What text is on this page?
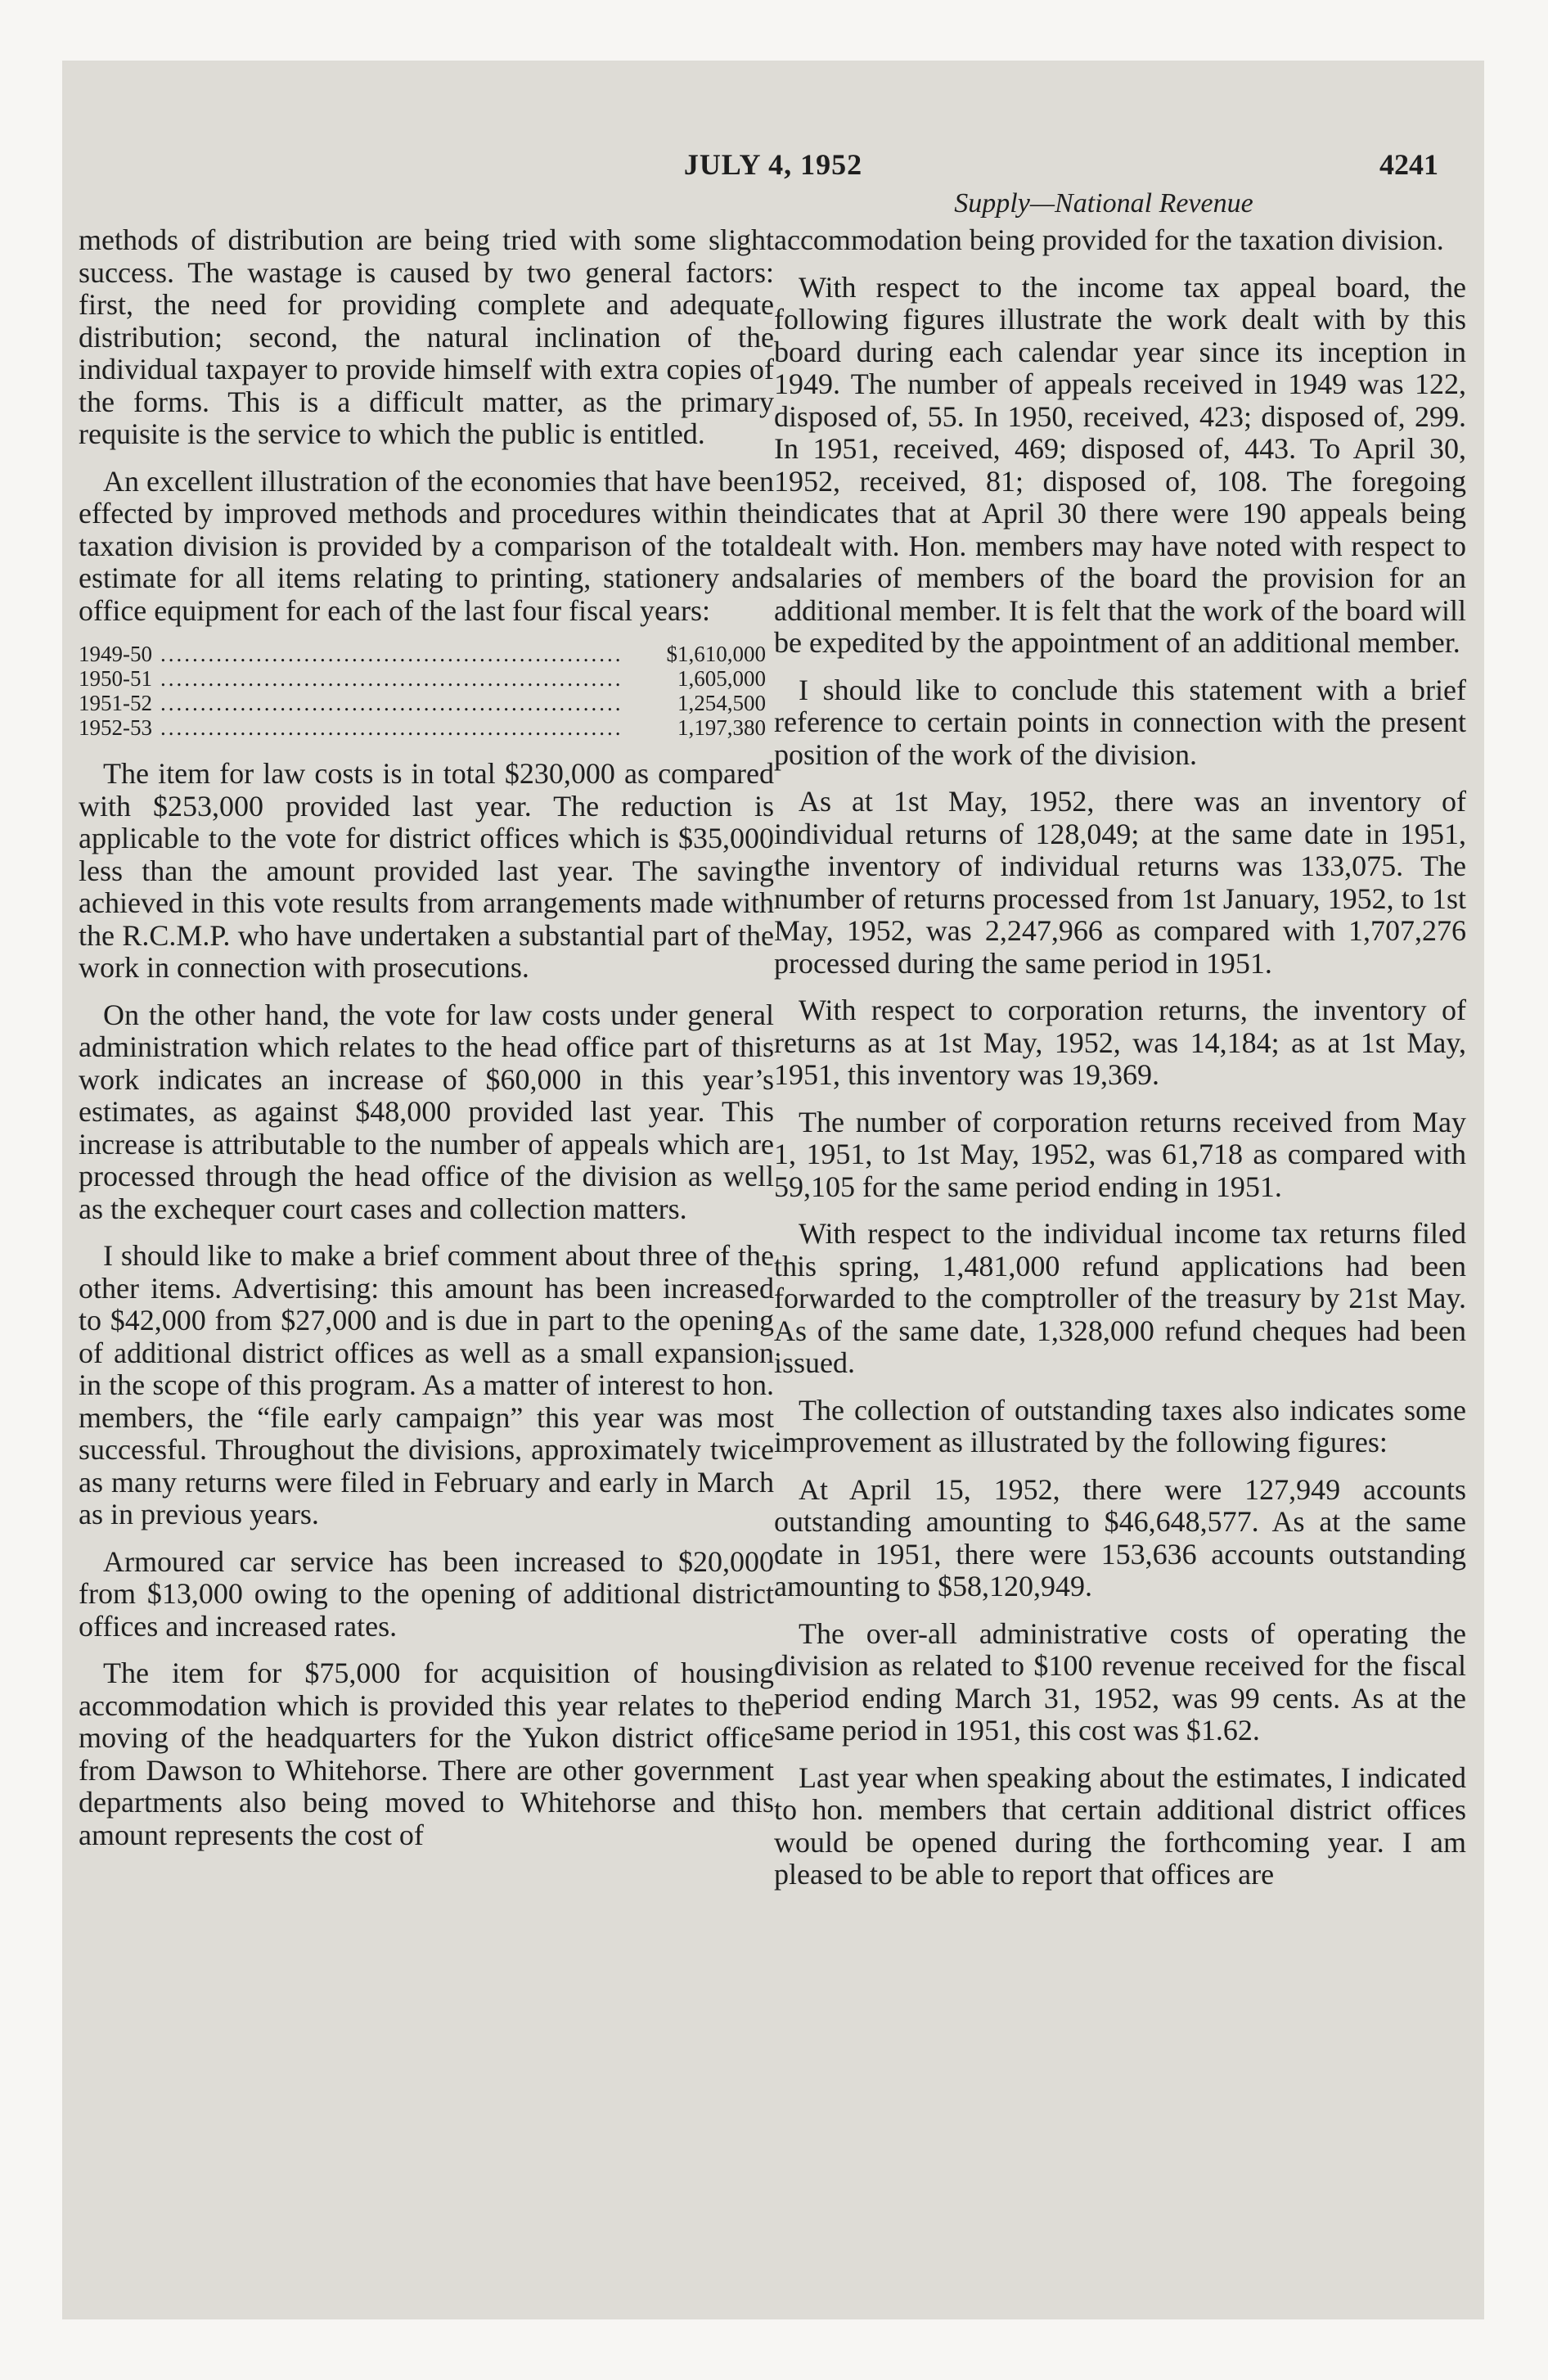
JULY 4, 1952	4241
Supply—National Revenue

methods of distribution are being tried with some slight success. The wastage is caused by two general factors: first, the need for providing complete and adequate distribution; second, the natural inclination of the individual taxpayer to provide himself with extra copies of the forms. This is a difficult matter, as the primary requisite is the service to which the public is entitled.

An excellent illustration of the economies that have been effected by improved methods and procedures within the taxation division is provided by a comparison of the total estimate for all items relating to printing, stationery and office equipment for each of the last four fiscal years:

1949-50 ..........................................................	$1,610,000
1950-51 ..........................................................	1,605,000
1951-52 ..........................................................	1,254,500
1952-53 ..........................................................	1,197,380

The item for law costs is in total $230,000 as compared with $253,000 provided last year. The reduction is applicable to the vote for district offices which is $35,000 less than the amount provided last year. The saving achieved in this vote results from arrangements made with the R.C.M.P. who have undertaken a substantial part of the work in connection with prosecutions.

On the other hand, the vote for law costs under general administration which relates to the head office part of this work indicates an increase of $60,000 in this year’s estimates, as against $48,000 provided last year. This increase is attributable to the number of appeals which are processed through the head office of the division as well as the exchequer court cases and collection matters.

I should like to make a brief comment about three of the other items. Advertising: this amount has been increased to $42,000 from $27,000 and is due in part to the opening of additional district offices as well as a small expansion in the scope of this program. As a matter of interest to hon. members, the “file early campaign” this year was most successful. Throughout the divisions, approximately twice as many returns were filed in February and early in March as in previous years.

Armoured car service has been increased to $20,000 from $13,000 owing to the opening of additional district offices and increased rates.

The item for $75,000 for acquisition of housing accommodation which is provided this year relates to the moving of the headquarters for the Yukon district office from Dawson to Whitehorse. There are other government departments also being moved to Whitehorse and this amount represents the cost of

accommodation being provided for the taxation division.

With respect to the income tax appeal board, the following figures illustrate the work dealt with by this board during each calendar year since its inception in 1949. The number of appeals received in 1949 was 122, disposed of, 55. In 1950, received, 423; disposed of, 299. In 1951, received, 469; disposed of, 443. To April 30, 1952, received, 81; disposed of, 108. The foregoing indicates that at April 30 there were 190 appeals being dealt with. Hon. members may have noted with respect to salaries of members of the board the provision for an additional member. It is felt that the work of the board will be expedited by the appointment of an additional member.

I should like to conclude this statement with a brief reference to certain points in connection with the present position of the work of the division.

As at 1st May, 1952, there was an inventory of individual returns of 128,049; at the same date in 1951, the inventory of individual returns was 133,075. The number of returns processed from 1st January, 1952, to 1st May, 1952, was 2,247,966 as compared with 1,707,276 processed during the same period in 1951.

With respect to corporation returns, the inventory of returns as at 1st May, 1952, was 14,184; as at 1st May, 1951, this inventory was 19,369.

The number of corporation returns received from May 1, 1951, to 1st May, 1952, was 61,718 as compared with 59,105 for the same period ending in 1951.

With respect to the individual income tax returns filed this spring, 1,481,000 refund applications had been forwarded to the comptroller of the treasury by 21st May. As of the same date, 1,328,000 refund cheques had been issued.

The collection of outstanding taxes also indicates some improvement as illustrated by the following figures:

At April 15, 1952, there were 127,949 accounts outstanding amounting to $46,648,577. As at the same date in 1951, there were 153,636 accounts outstanding amounting to $58,120,949.

The over-all administrative costs of operating the division as related to $100 revenue received for the fiscal period ending March 31, 1952, was 99 cents. As at the same period in 1951, this cost was $1.62.

Last year when speaking about the estimates, I indicated to hon. members that certain additional district offices would be opened during the forthcoming year. I am pleased to be able to report that offices are
